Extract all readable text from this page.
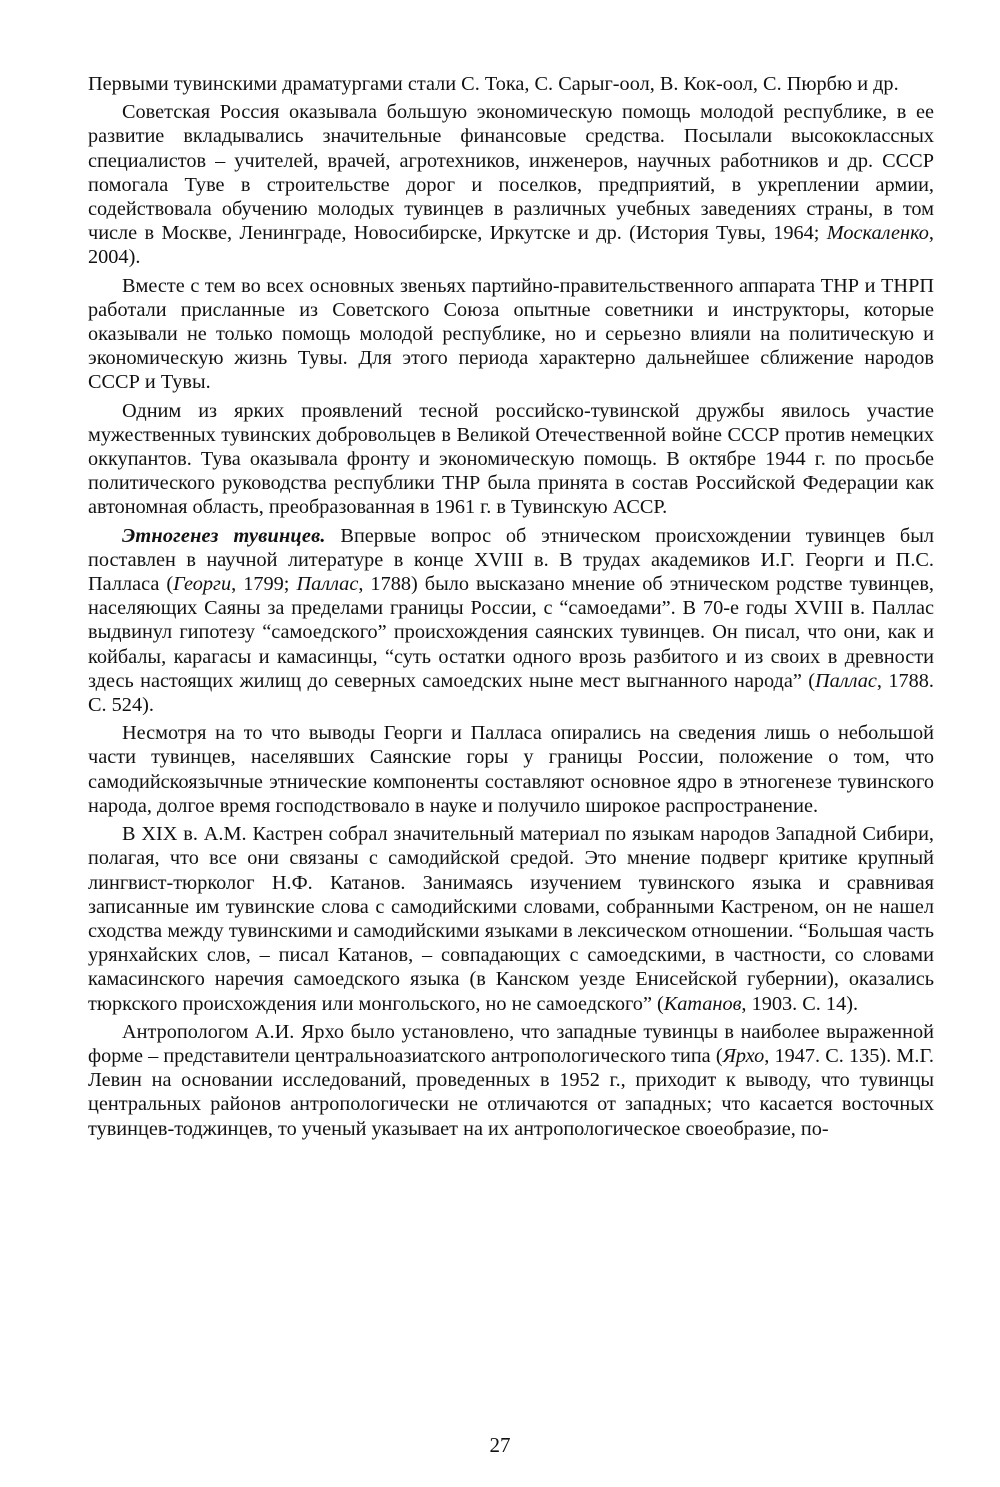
Первыми тувинскими драматургами стали С. Тока, С. Сарыг-оол, В. Кок-оол, С. Пюрбю и др.

Советская Россия оказывала большую экономическую помощь молодой республике, в ее развитие вкладывались значительные финансовые средства. Посылали высококлассных специалистов – учителей, врачей, агротехников, инженеров, научных работников и др. СССР помогала Туве в строительстве дорог и поселков, предприятий, в укреплении армии, содействовала обучению молодых тувинцев в различных учебных заведениях страны, в том числе в Москве, Ленинграде, Новосибирске, Иркутске и др. (История Тувы, 1964; Москаленко, 2004).

Вместе с тем во всех основных звеньях партийно-правительственного аппарата ТНР и ТНРП работали присланные из Советского Союза опытные советники и инструкторы, которые оказывали не только помощь молодой республике, но и серьезно влияли на политическую и экономическую жизнь Тувы. Для этого периода характерно дальнейшее сближение народов СССР и Тувы.

Одним из ярких проявлений тесной российско-тувинской дружбы явилось участие мужественных тувинских добровольцев в Великой Отечественной войне СССР против немецких оккупантов. Тува оказывала фронту и экономическую помощь. В октябре 1944 г. по просьбе политического руководства республики ТНР была принята в состав Российской Федерации как автономная область, преобразованная в 1961 г. в Тувинскую АССР.

Этногенез тувинцев. Впервые вопрос об этническом происхождении тувинцев был поставлен в научной литературе в конце XVIII в. В трудах академиков И.Г. Георги и П.С. Палласа (Георги, 1799; Паллас, 1788) было высказано мнение об этническом родстве тувинцев, населяющих Саяны за пределами границы России, с “самоедами”. В 70-е годы XVIII в. Паллас выдвинул гипотезу “самоедского” происхождения саянских тувинцев. Он писал, что они, как и койбалы, карагасы и камасинцы, “суть остатки одного врозь разбитого и из своих в древности здесь настоящих жилищ до северных самоедских ныне мест выгнанного народа” (Паллас, 1788. С. 524).

Несмотря на то что выводы Георги и Палласа опирались на сведения лишь о небольшой части тувинцев, населявших Саянские горы у границы России, положение о том, что самодийскоязычные этнические компоненты составляют основное ядро в этногенезе тувинского народа, долгое время господствовало в науке и получило широкое распространение.

В XIX в. А.М. Кастрен собрал значительный материал по языкам народов Западной Сибири, полагая, что все они связаны с самодийской средой. Это мнение подверг критике крупный лингвист-тюрколог Н.Ф. Катанов. Занимаясь изучением тувинского языка и сравнивая записанные им тувинские слова с самодийскими словами, собранными Кастреном, он не нашел сходства между тувинскими и самодийскими языками в лексическом отношении. “Большая часть урянхайских слов, – писал Катанов, – совпадающих с самоедскими, в частности, со словами камасинского наречия самоедского языка (в Канском уезде Енисейской губернии), оказались тюркского происхождения или монгольского, но не самоедского” (Катанов, 1903. С. 14).

Антропологом А.И. Ярхо было установлено, что западные тувинцы в наиболее выраженной форме – представители центральноазиатского антропологического типа (Ярхо, 1947. С. 135). М.Г. Левин на основании исследований, проведенных в 1952 г., приходит к выводу, что тувинцы центральных районов антропологически не отличаются от западных; что касается восточных тувинцев-тоджинцев, то ученый указывает на их антропологическое своеобразие, по-

27
